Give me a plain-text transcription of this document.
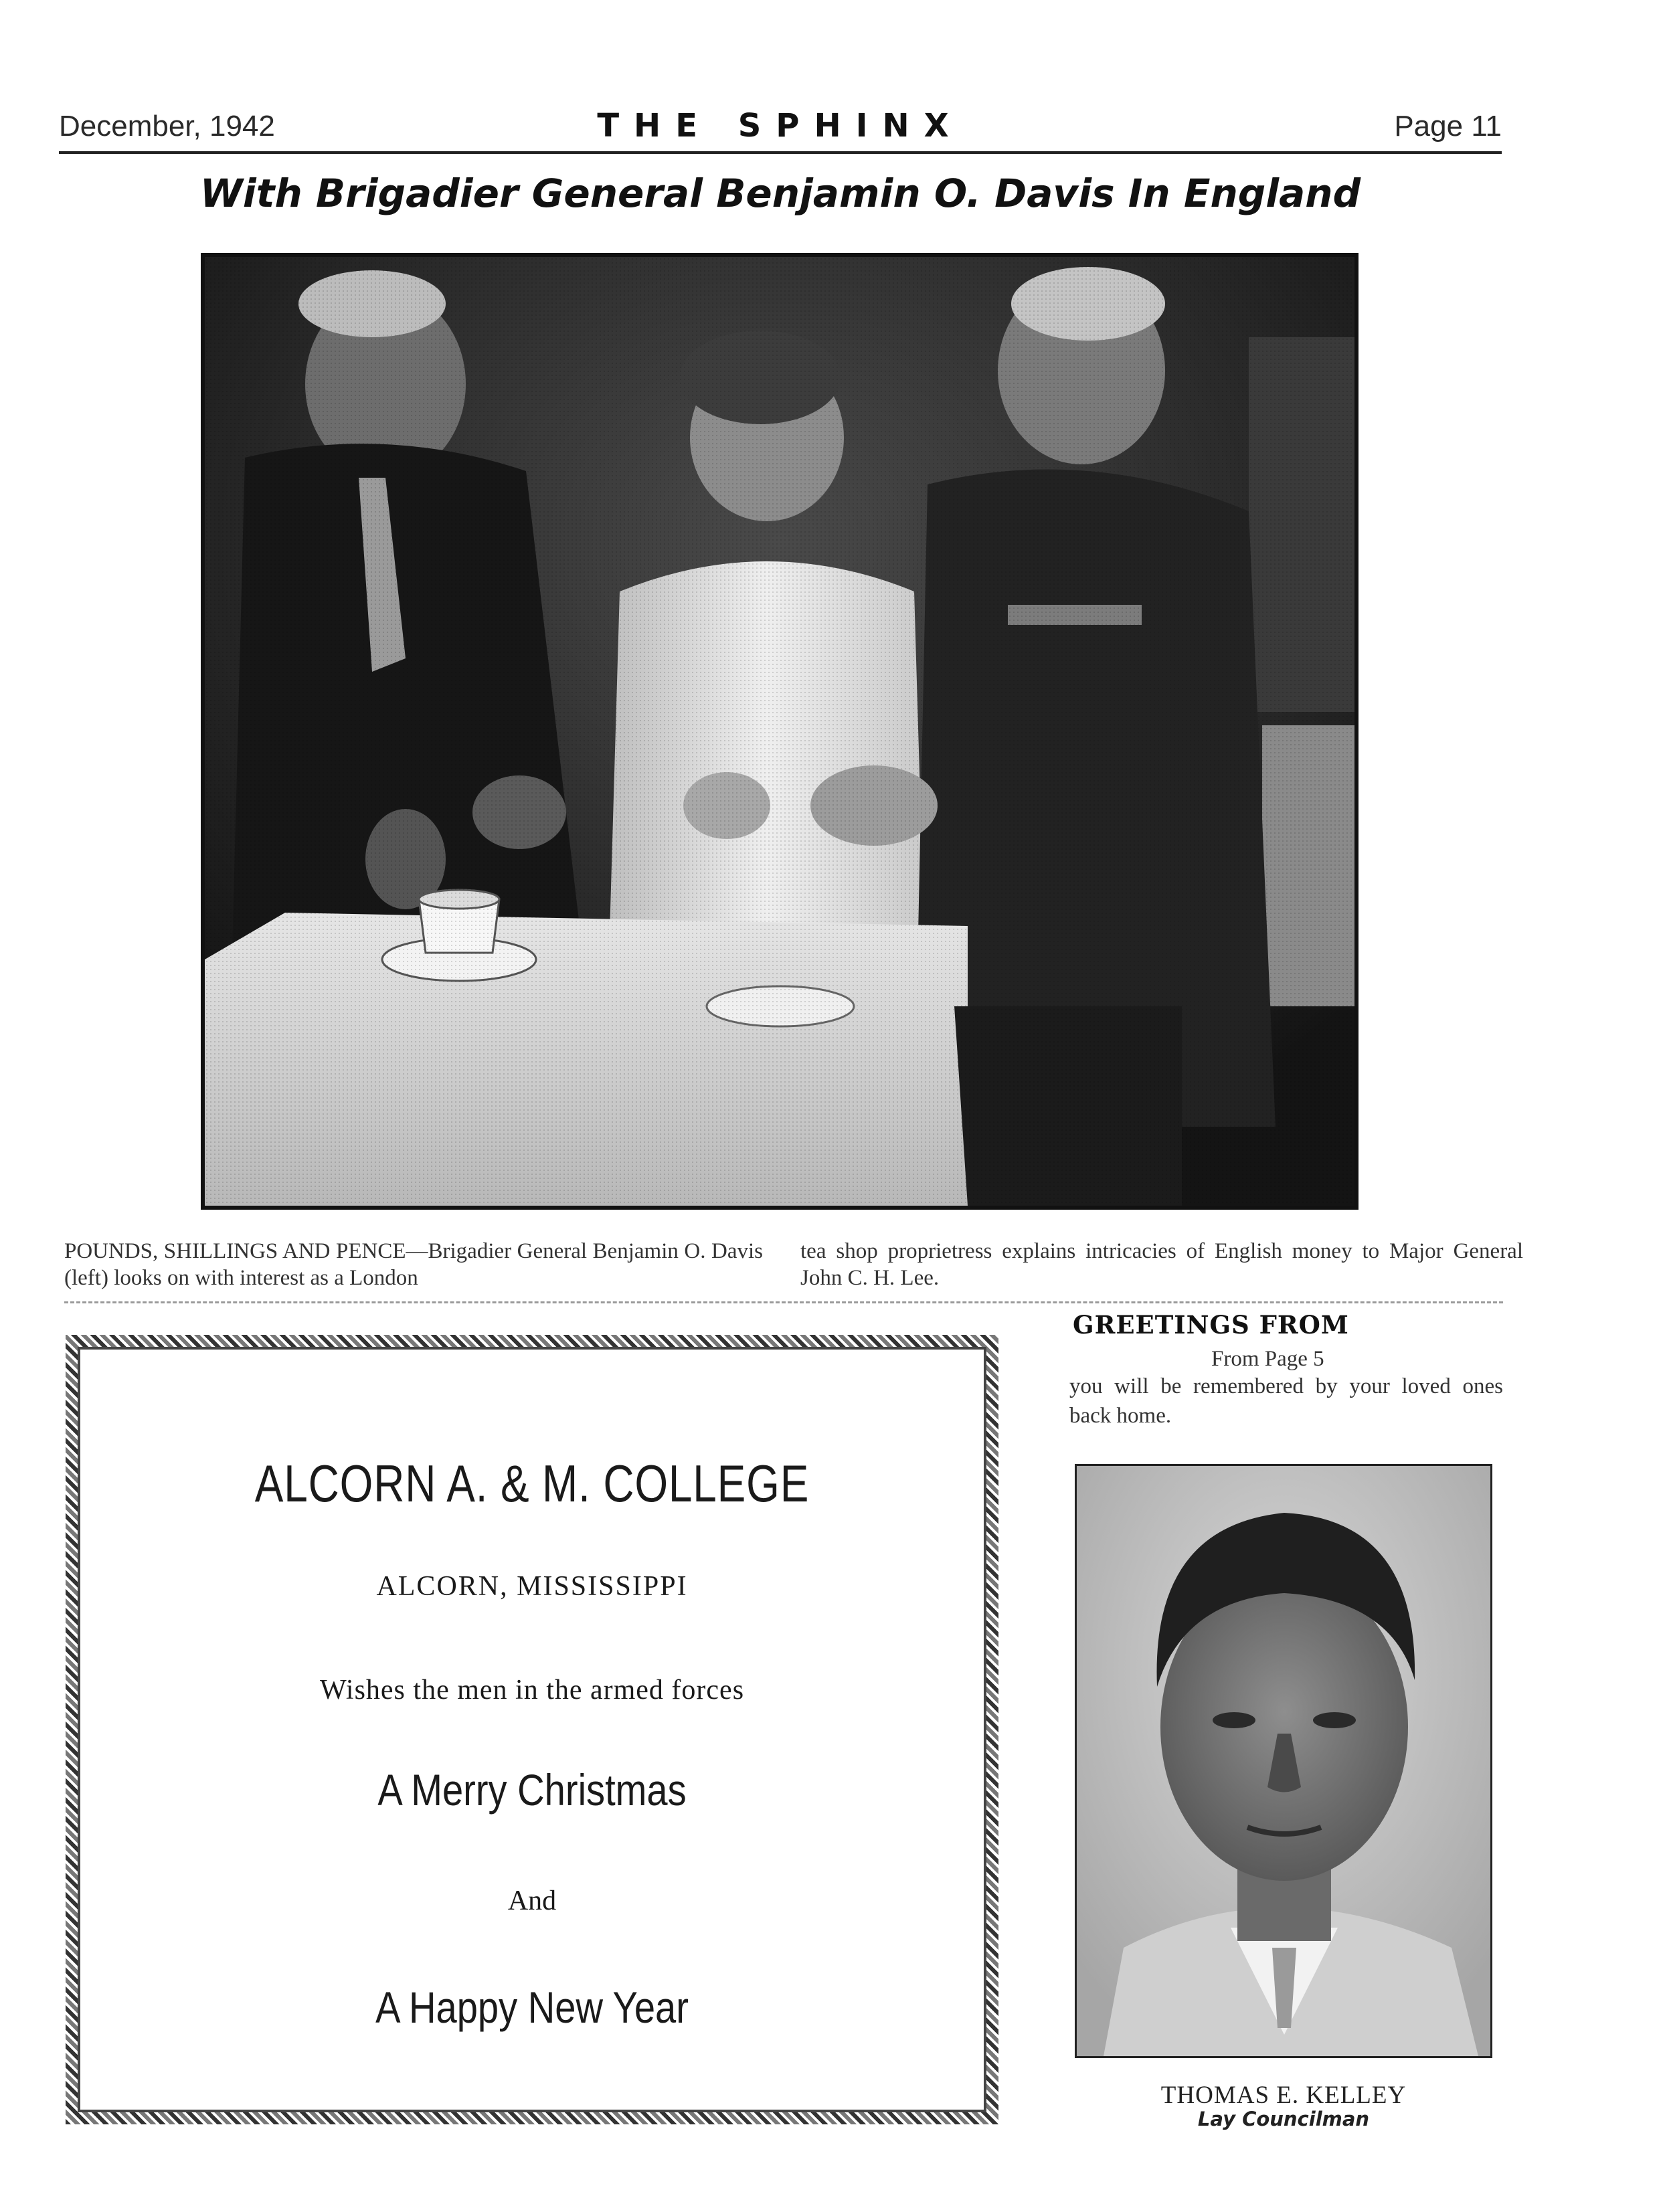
December, 1942	THE SPHINX	Page 11
With Brigadier General Benjamin O. Davis In England
POUNDS, SHILLINGS AND PENCE—Brigadier General Benjamin O. Davis (left) looks on with interest as a London
tea shop proprietress explains intricacies of English money to Major General John C. H. Lee.
ALCORN A. & M. COLLEGE
ALCORN, MISSISSIPPI
Wishes the men in the armed forces
A Merry Christmas
And
A Happy New Year
GREETINGS FROM
From Page 5
you will be remembered by your loved ones back home.
THOMAS E. KELLEY
Lay Councilman
